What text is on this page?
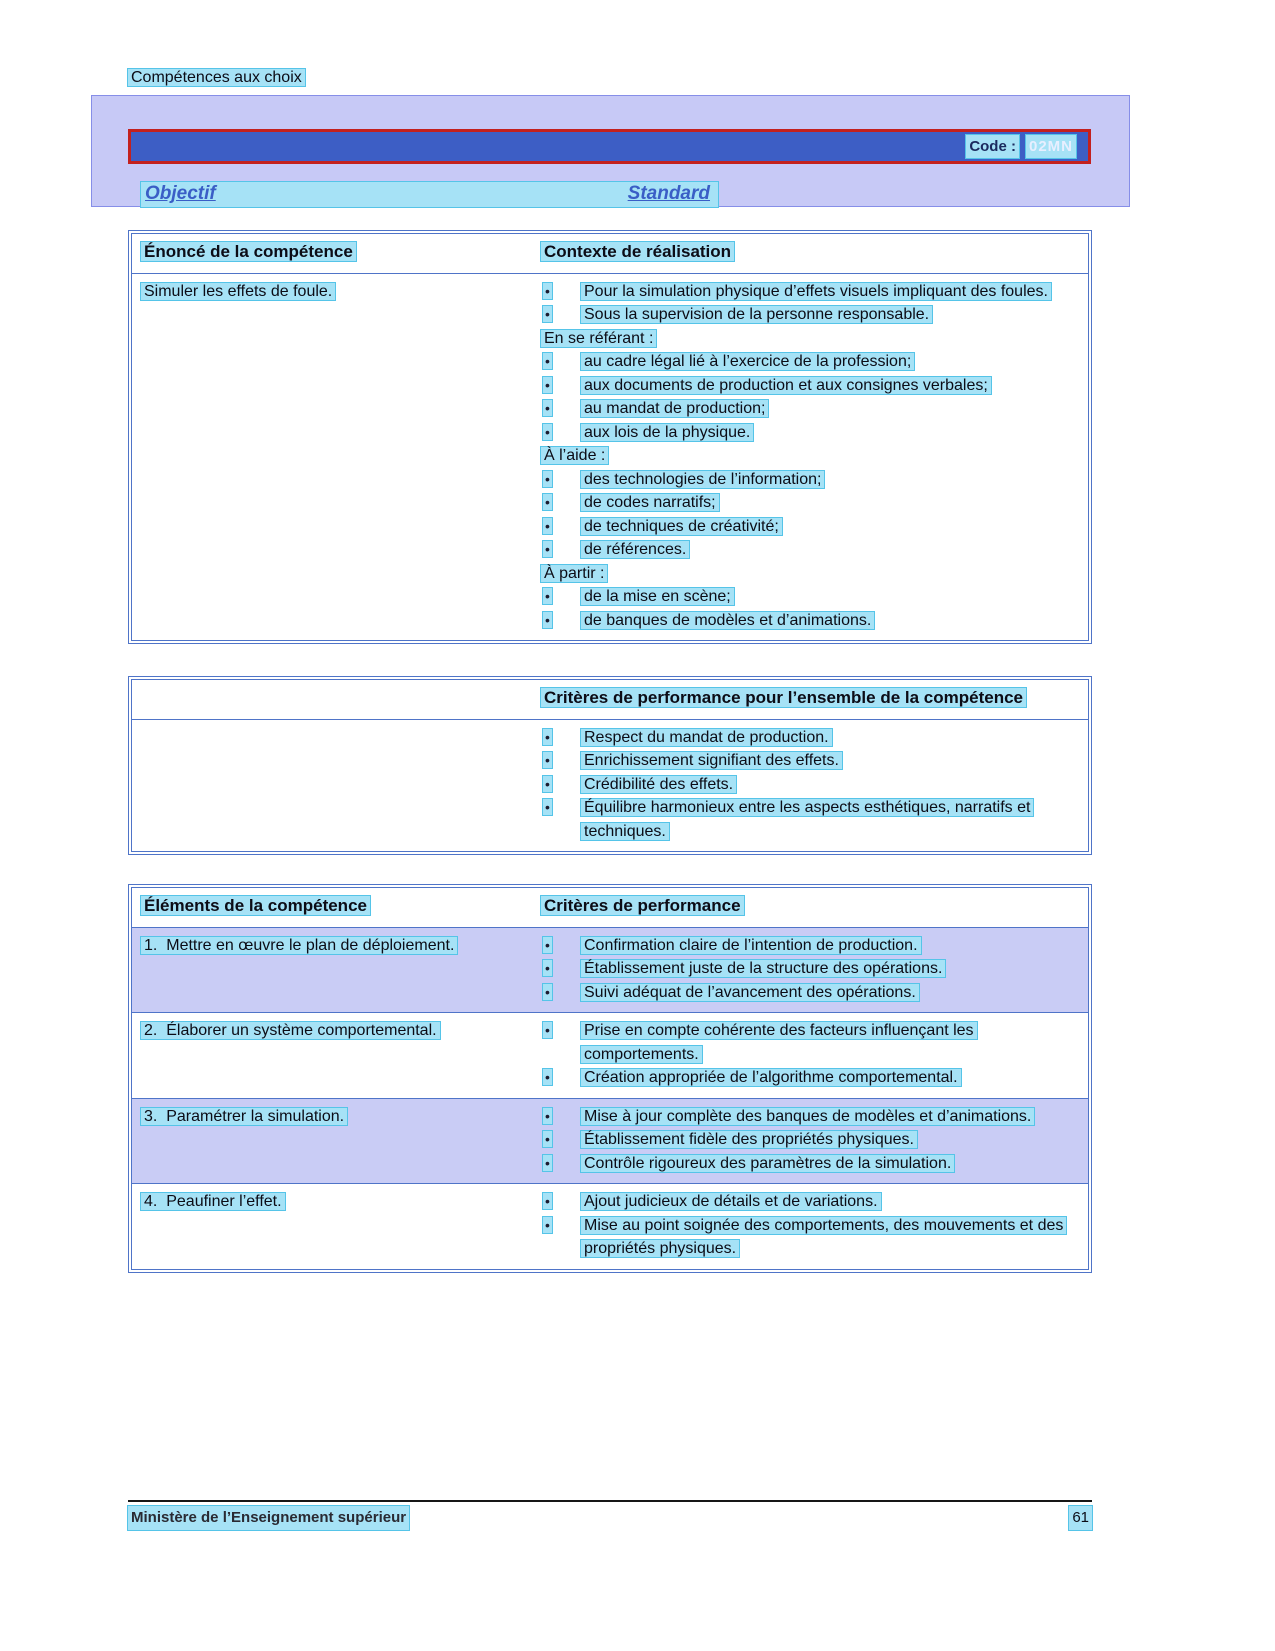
Compétences aux choix
Code : 02MN
Objectif	Standard
Énoncé de la compétence	Contexte de réalisation
Simuler les effets de foule.	•	Pour la simulation physique d’effets visuels impliquant des foules.
•	Sous la supervision de la personne responsable.
En se référant :
•	au cadre légal lié à l’exercice de la profession;
•	aux documents de production et aux consignes verbales;
•	au mandat de production;
•	aux lois de la physique.
À l’aide :
•	des technologies de l’information;
•	de codes narratifs;
•	de techniques de créativité;
•	de références.
À partir :
•	de la mise en scène;
•	de banques de modèles et d’animations.
Critères de performance pour l’ensemble de la compétence
•	Respect du mandat de production.
•	Enrichissement signifiant des effets.
•	Crédibilité des effets.
•	Équilibre harmonieux entre les aspects esthétiques, narratifs et techniques.
Éléments de la compétence	Critères de performance
1.  Mettre en œuvre le plan de déploiement.	•	Confirmation claire de l’intention de production.
•	Établissement juste de la structure des opérations.
•	Suivi adéquat de l’avancement des opérations.
2.  Élaborer un système comportemental.	•	Prise en compte cohérente des facteurs influençant les comportements.
•	Création appropriée de l’algorithme comportemental.
3.  Paramétrer la simulation.	•	Mise à jour complète des banques de modèles et d’animations.
•	Établissement fidèle des propriétés physiques.
•	Contrôle rigoureux des paramètres de la simulation.
4.  Peaufiner l’effet.	•	Ajout judicieux de détails et de variations.
•	Mise au point soignée des comportements, des mouvements et des propriétés physiques.
Ministère de l’Enseignement supérieur	61
